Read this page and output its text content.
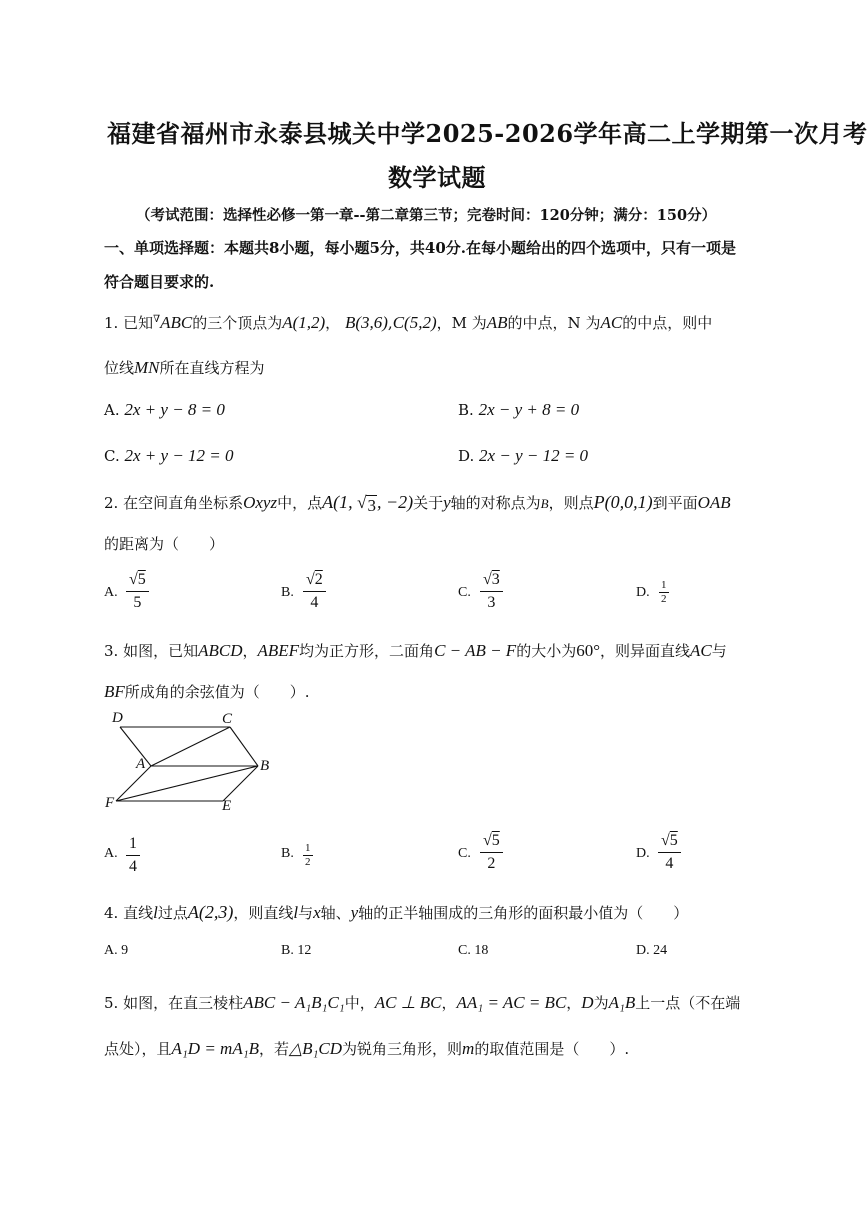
福建省福州市永泰县城关中学2025-2026学年高二上学期第一次月考
数学试题
（考试范围：选择性必修一第一章--第二章第三节；完卷时间：120分钟；满分：150分）
一、单项选择题：本题共8小题，每小题5分，共40分.在每小题给出的四个选项中，只有一项是
符合题目要求的.
1. 已知∇ABC的三个顶点为A(1,2)， B(3,6),C(5,2)，M 为AB的中点，N 为AC的中点，则中
位线MN所在直线方程为
A. 2x + y − 8 = 0	B. 2x − y + 8 = 0
C. 2x + y − 12 = 0	D. 2x − y − 12 = 0
2. 在空间直角坐标系Oxyz中，点A(1, √ 3 , −2)关于y轴的对称点为B，则点P(0,0,1)到平面OAB
的距离为（　　）
A. $\frac{√5}{5}$	B. $\frac{√2}{4}$	C. $\frac{√3}{3}$	D. $\frac{1}{2}$
3. 如图，已知ABCD，ABEF均为正方形，二面角C − AB − F的大小为60°，则异面直线AC与
BF所成角的余弦值为（　　）.
D	C
A	B
F	E
A. $\frac{1}{4}$	B. $\frac{1}{2}$	C. $\frac{√5}{2}$	D. $\frac{√5}{4}$
4. 直线l过点A(2,3)，则直线l与x轴、y轴的正半轴围成的三角形的面积最小值为（　　）
A. 9	B. 12	C. 18	D. 24
5. 如图，在直三棱柱ABC − A₁B₁C₁中，AC ⊥ BC，AA₁ = AC = BC，D为A₁B上一点（不在端
点处），且A₁D = mA₁B，若△B₁CD为锐角三角形，则m的取值范围是（　　）.
